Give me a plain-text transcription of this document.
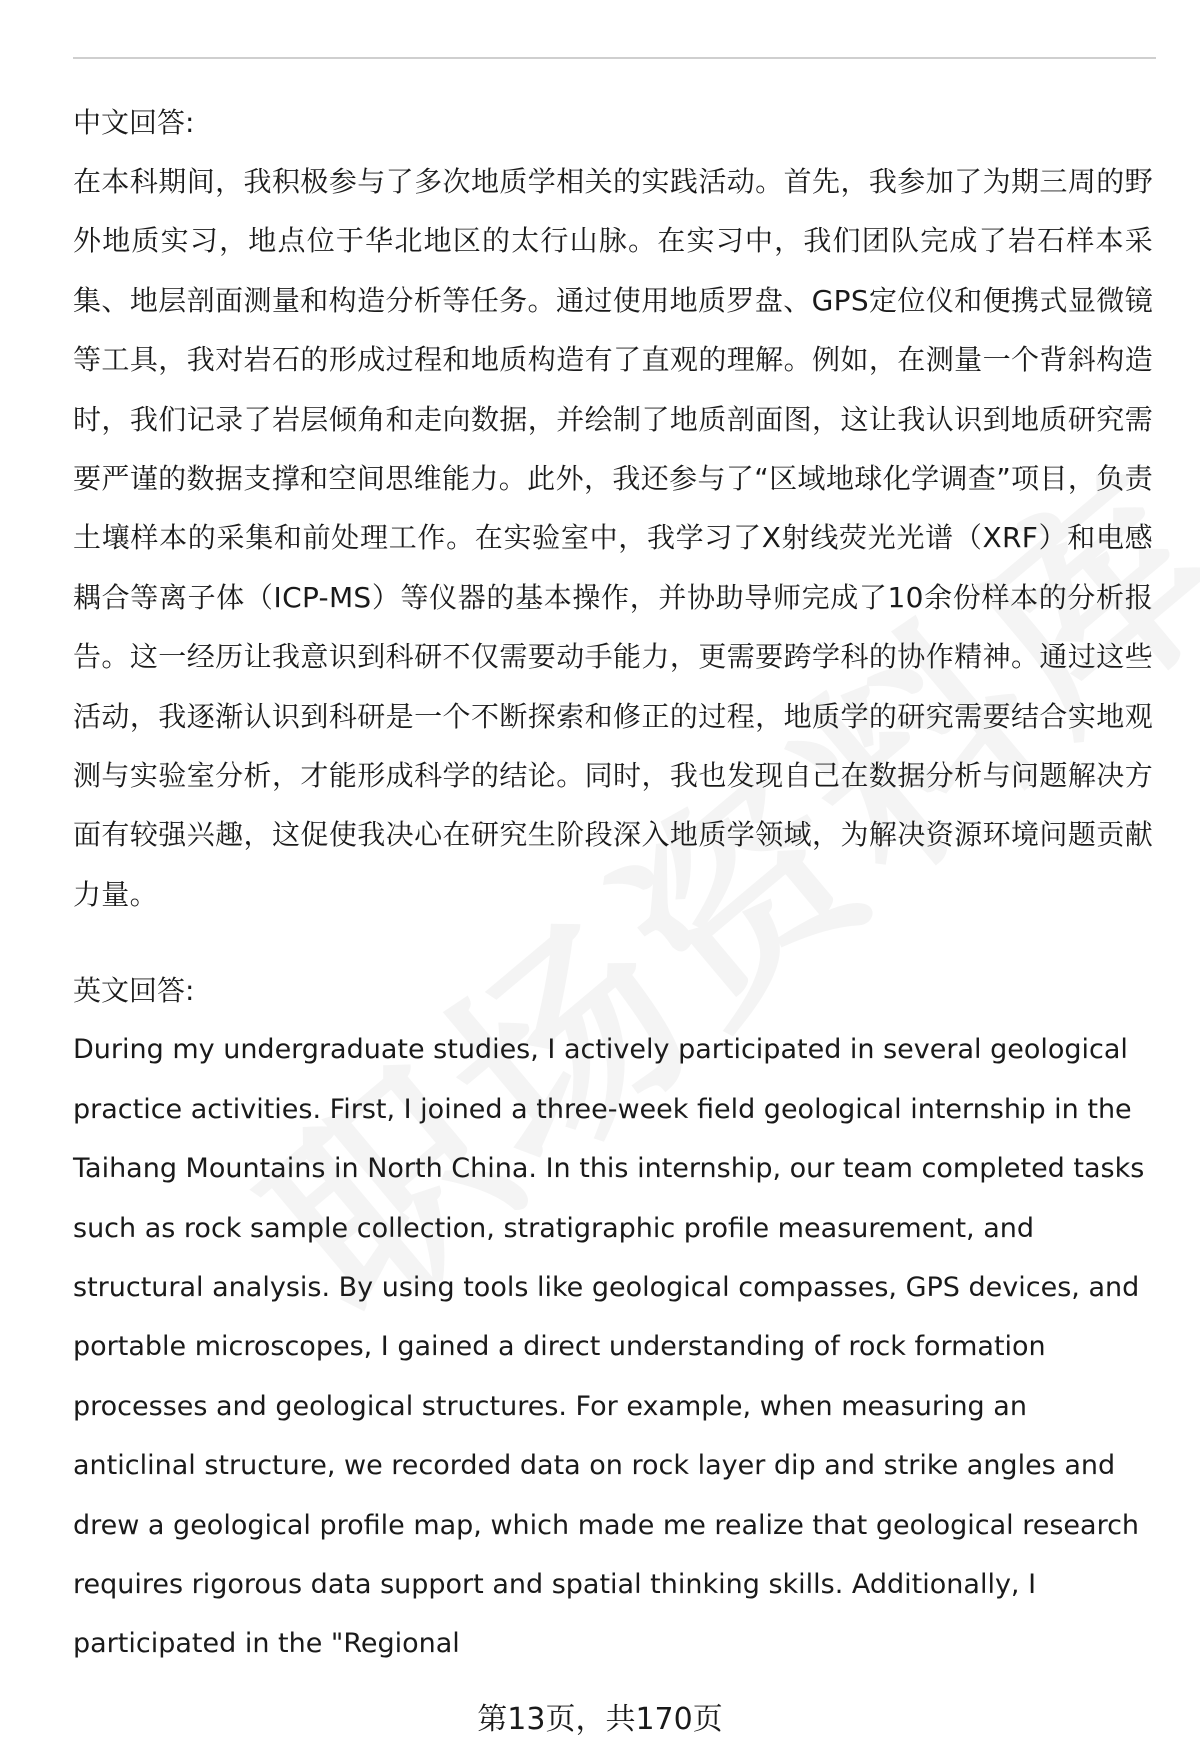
中文回答:

在本科期间，我积极参与了多次地质学相关的实践活动。首先，我参加了为期三周的野外地质实习，地点位于华北地区的太行山脉。在实习中，我们团队完成了岩石样本采集、地层剖面测量和构造分析等任务。通过使用地质罗盘、GPS定位仪和便携式显微镜等工具，我对岩石的形成过程和地质构造有了直观的理解。例如，在测量一个背斜构造时，我们记录了岩层倾角和走向数据，并绘制了地质剖面图，这让我认识到地质研究需要严谨的数据支撑和空间思维能力。此外，我还参与了“区域地球化学调查”项目，负责土壤样本的采集和前处理工作。在实验室中，我学习了X射线荧光光谱（XRF）和电感耦合等离子体（ICP-MS）等仪器的基本操作，并协助导师完成了10余份样本的分析报告。这一经历让我意识到科研不仅需要动手能力，更需要跨学科的协作精神。通过这些活动，我逐渐认识到科研是一个不断探索和修正的过程，地质学的研究需要结合实地观测与实验室分析，才能形成科学的结论。同时，我也发现自己在数据分析与问题解决方面有较强兴趣，这促使我决心在研究生阶段深入地质学领域，为解决资源环境问题贡献力量。

英文回答:

During my undergraduate studies, I actively participated in several geological practice activities. First, I joined a three-week field geological internship in the Taihang Mountains in North China. In this internship, our team completed tasks such as rock sample collection, stratigraphic profile measurement, and structural analysis. By using tools like geological compasses, GPS devices, and portable microscopes, I gained a direct understanding of rock formation processes and geological structures. For example, when measuring an anticlinal structure, we recorded data on rock layer dip and strike angles and drew a geological profile map, which made me realize that geological research requires rigorous data support and spatial thinking skills. Additionally, I participated in the "Regional

第13页，共170页
